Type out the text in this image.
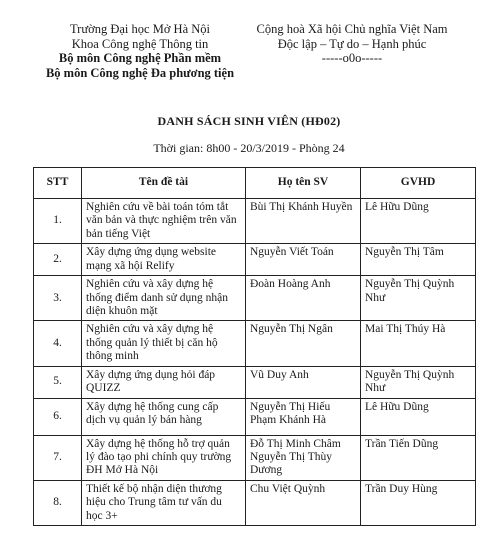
Trường Đại học Mở Hà Nội
Khoa Công nghệ Thông tin
Bộ môn Công nghệ Phần mềm
Bộ môn Công nghệ Đa phương tiện
Cộng hoà Xã hội Chủ nghĩa Việt Nam
Độc lập – Tự do – Hạnh phúc
-----o0o-----
DANH SÁCH SINH VIÊN (HĐ02)
Thời gian: 8h00 - 20/3/2019 - Phòng 24
STT	Tên đề tài	Họ tên SV	GVHD
1.	Nghiên cứu về bài toán tóm tắt văn bản và thực nghiệm trên văn bản tiếng Việt	Bùi Thị Khánh Huyền	Lê Hữu Dũng
2.	Xây dựng ứng dụng website mạng xã hội Relify	Nguyễn Viết Toán	Nguyễn Thị Tâm
3.	Nghiên cứu và xây dựng hệ thống điểm danh sử dụng nhận diện khuôn mặt	Đoàn Hoàng Anh	Nguyễn Thị Quỳnh Như
4.	Nghiên cứu và xây dựng hệ thống quản lý thiết bị căn hộ thông minh	Nguyễn Thị Ngân	Mai Thị Thúy Hà
5.	Xây dựng ứng dụng hỏi đáp QUIZZ	Vũ Duy Anh	Nguyễn Thị Quỳnh Như
6.	Xây dựng hệ thống cung cấp dịch vụ quản lý bán hàng	Nguyễn Thị Hiếu Phạm Khánh Hà	Lê Hữu Dũng
7.	Xây dựng hệ thống hỗ trợ quản lý đào tạo phi chính quy trường ĐH Mở Hà Nội	Đỗ Thị Minh Châm Nguyễn Thị Thùy Dương	Trần Tiến Dũng
8.	Thiết kế bộ nhận diện thương hiệu cho Trung tâm tư vấn du học 3+	Chu Việt Quỳnh	Trần Duy Hùng
